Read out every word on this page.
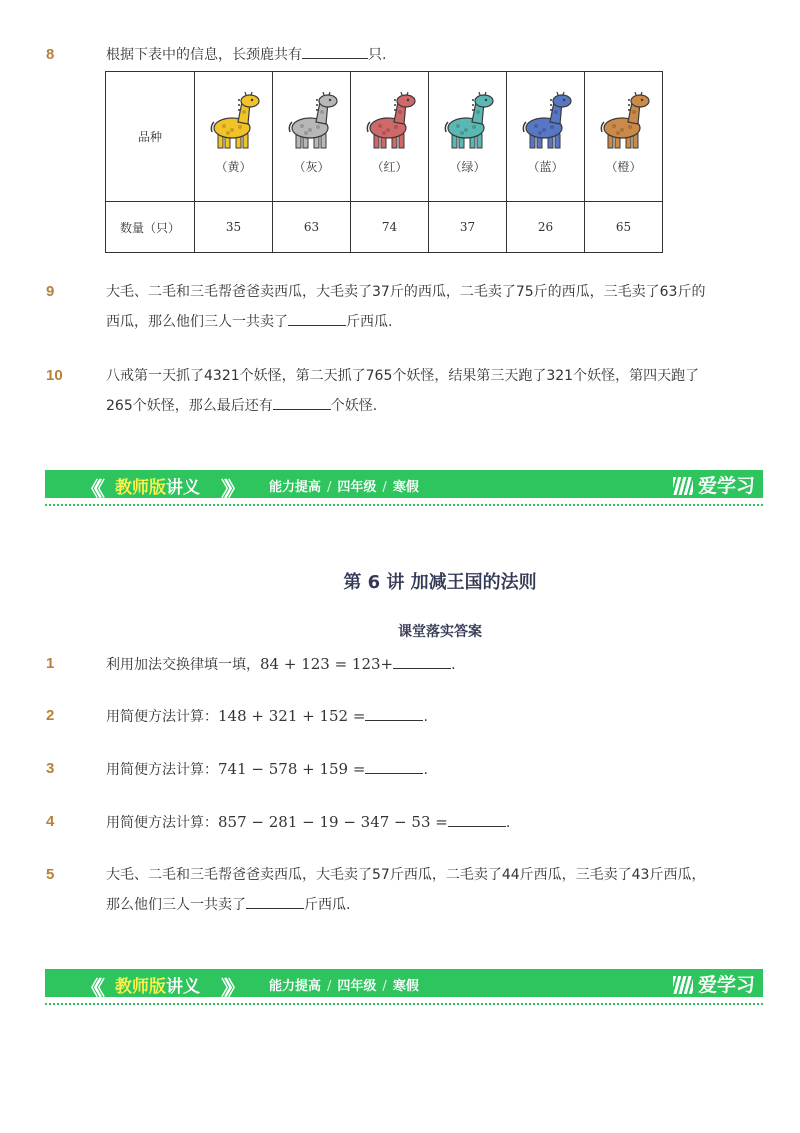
8	根据下表中的信息，长颈鹿共有	只.
品种	（黄）	（灰）	（红）	（绿）	（蓝）	（橙）

数量（只）	35	63	74	37	26	65
9	大毛、二毛和三毛帮爸爸卖西瓜，大毛卖了37斤的西瓜，二毛卖了75斤的西瓜，三毛卖了63斤的
西瓜，那么他们三人一共卖了	斤西瓜.
10	八戒第一天抓了4321个妖怪，第二天抓了765个妖怪，结果第三天跑了321个妖怪，第四天跑了
265个妖怪，那么最后还有	个妖怪.
《《 教师版讲义 》》 能力提高 / 四年级 / 寒假	爱学习
第 6 讲 加减王国的法则
课堂落实答案
1	利用加法交换律填一填，84 + 123 = 123+	.
2	用简便方法计算：148 + 321 + 152 =	.
3	用简便方法计算：741 − 578 + 159 =	.
4	用简便方法计算：857 − 281 − 19 − 347 − 53 =	.
5	大毛、二毛和三毛帮爸爸卖西瓜，大毛卖了57斤西瓜，二毛卖了44斤西瓜，三毛卖了43斤西瓜，
那么他们三人一共卖了	斤西瓜.
《《 教师版讲义 》》 能力提高 / 四年级 / 寒假	爱学习
